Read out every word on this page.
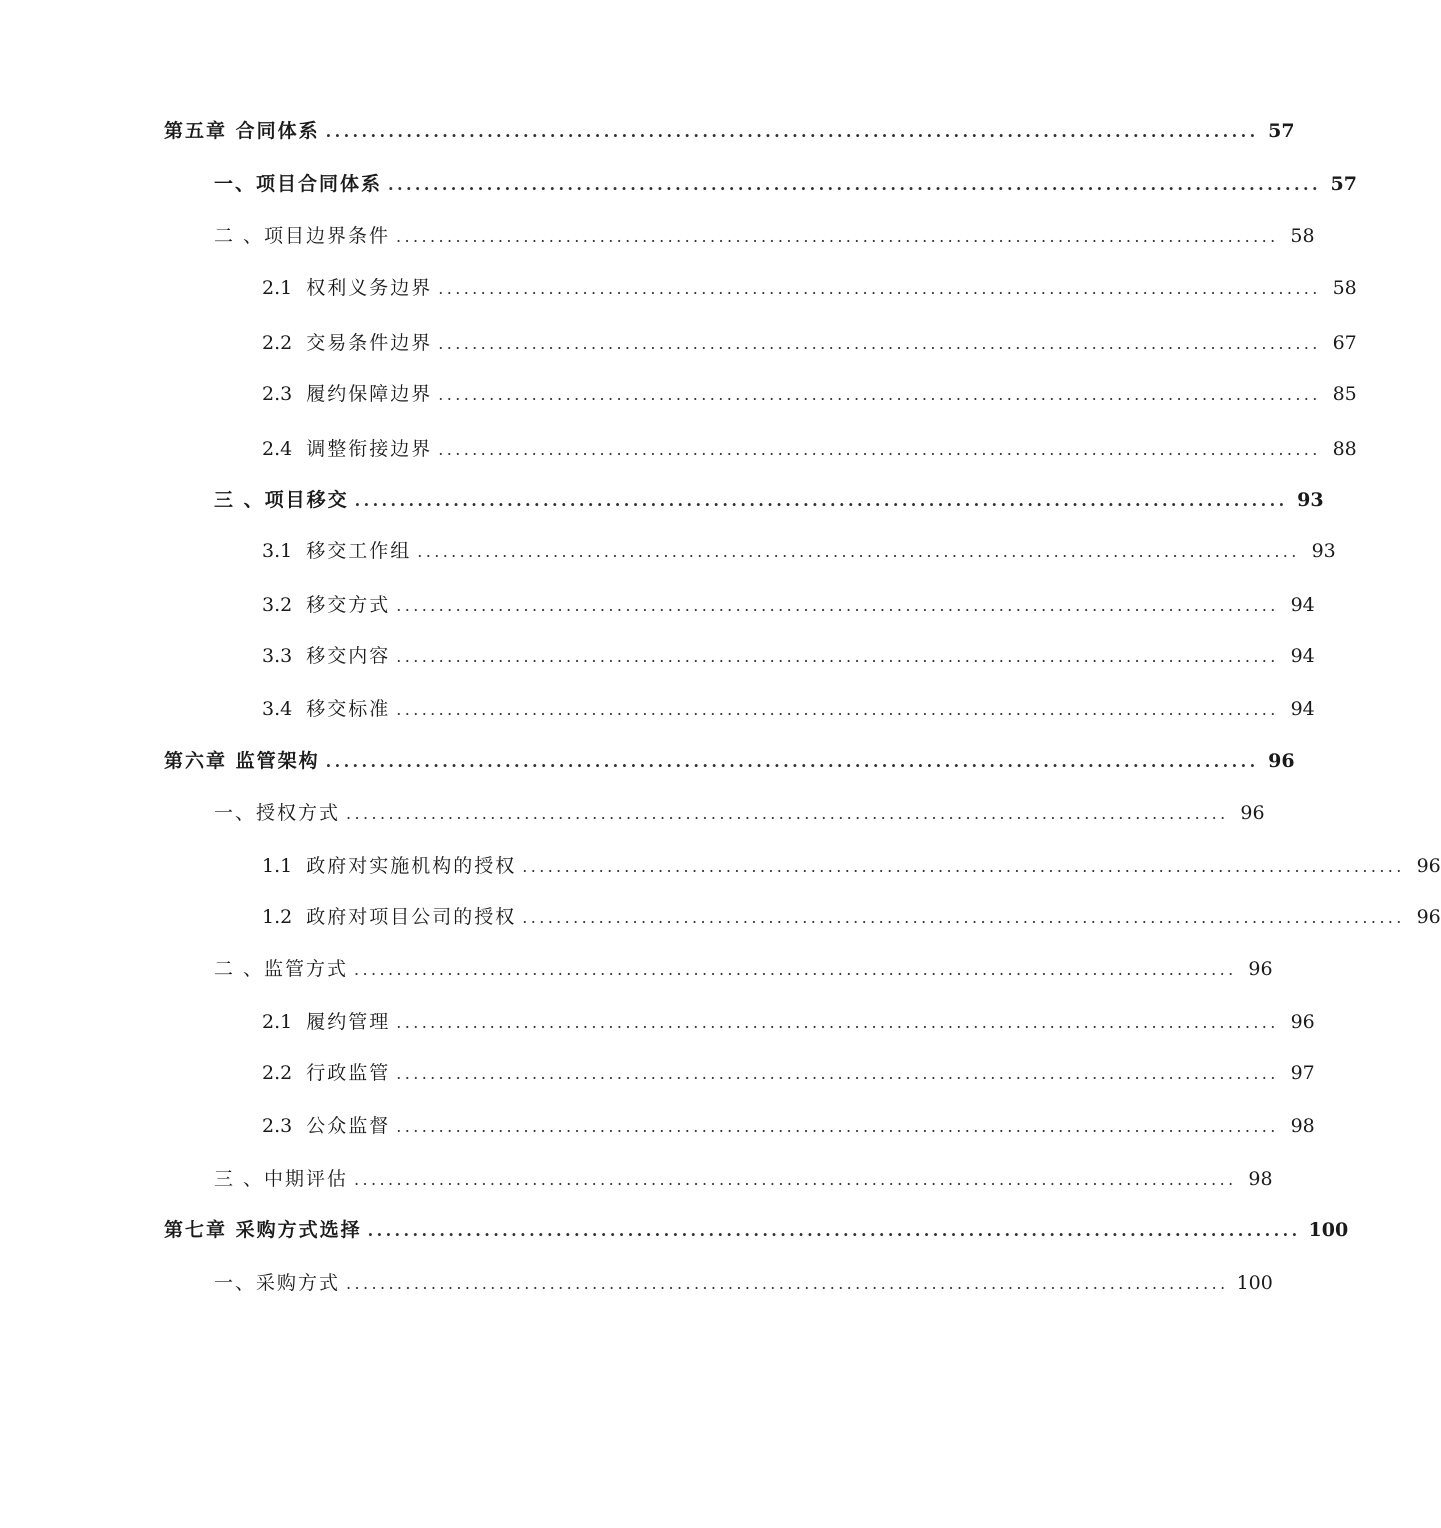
第五章 合同体系 ........................................................................................................ 57
一、项目合同体系 ........................................................................................................ 57
二 、项目边界条件 ........................................................................................................ 58
2.1 权利义务边界 ........................................................................................................ 58
2.2 交易条件边界 ........................................................................................................ 67
2.3 履约保障边界 ........................................................................................................ 85
2.4 调整衔接边界 ........................................................................................................ 88
三 、项目移交 ........................................................................................................ 93
3.1 移交工作组 ........................................................................................................ 93
3.2 移交方式 ........................................................................................................ 94
3.3 移交内容 ........................................................................................................ 94
3.4 移交标准 ........................................................................................................ 94
第六章 监管架构 ........................................................................................................ 96
一、授权方式 ........................................................................................................ 96
1.1 政府对实施机构的授权 ........................................................................................................ 96
1.2 政府对项目公司的授权 ........................................................................................................ 96
二 、监管方式 ........................................................................................................ 96
2.1 履约管理 ........................................................................................................ 96
2.2 行政监管 ........................................................................................................ 97
2.3 公众监督 ........................................................................................................ 98
三 、中期评估 ........................................................................................................ 98
第七章 采购方式选择 ........................................................................................................ 100
一、采购方式 ........................................................................................................ 100
